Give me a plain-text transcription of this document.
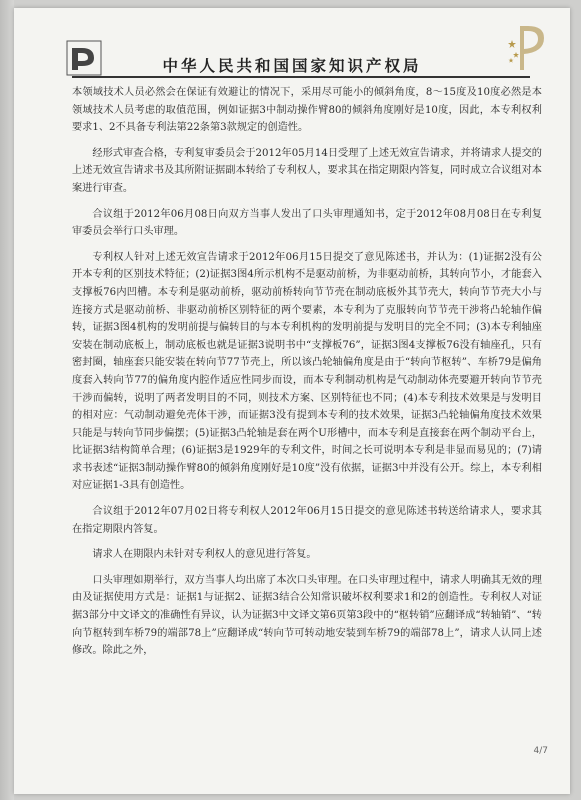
中华人民共和国国家知识产权局

本领域技术人员必然会在保证有效避让的情况下，采用尽可能小的倾斜角度，8～15度及10度必然是本领域技术人员考虑的取值范围，例如证据3中制动操作臂80的倾斜角度刚好是10度，因此，本专利权利要求1、2不具备专利法第22条第3款规定的创造性。

经形式审查合格，专利复审委员会于2012年05月14日受理了上述无效宣告请求，并将请求人提交的上述无效宣告请求书及其所附证据副本转给了专利权人，要求其在指定期限内答复，同时成立合议组对本案进行审查。

合议组于2012年06月08日向双方当事人发出了口头审理通知书，定于2012年08月08日在专利复审委员会举行口头审理。

专利权人针对上述无效宣告请求于2012年06月15日提交了意见陈述书，并认为：(1)证据2没有公开本专利的区别技术特征；(2)证据3图4所示机构不是驱动前桥，为非驱动前桥，其转向节小，才能套入支撑板76内凹槽。本专利是驱动前桥，驱动前桥转向节节壳在制动底板外其节壳大，转向节节壳大小与连接方式是驱动前桥、非驱动前桥区别特征的两个要素，本专利为了克服转向节节壳干涉将凸轮轴作偏转，证据3图4机构的发明前提与偏转目的与本专利机构的发明前提与发明目的完全不同；(3)本专利轴座安装在制动底板上，制动底板也就是证据3说明书中“支撑板76”，证据3图4支撑板76没有轴座孔，只有密封圈，轴座套只能安装在转向节77节壳上，所以该凸轮轴偏角度是由于“转向节枢转”、车桥79是偏角度套入转向节77的偏角度内腔作适应性同步而设，而本专利制动机构是气动制动体壳要避开转向节节壳干涉而偏转，说明了两者发明目的不同，则技术方案、区别特征也不同；(4)本专利技术效果是与发明目的相对应：气动制动避免壳体干涉，而证据3没有提到本专利的技术效果，证据3凸轮轴偏角度技术效果只能是与转向节同步偏摆；(5)证据3凸轮轴是套在两个U形槽中，而本专利是直接套在两个制动平台上，比证据3结构简单合理；(6)证据3是1929年的专利文件，时间之长可说明本专利是非显而易见的；(7)请求书表述“证据3制动操作臂80的倾斜角度刚好是10度”没有依据，证据3中并没有公开。综上，本专利相对应证据1-3具有创造性。

合议组于2012年07月02日将专利权人2012年06月15日提交的意见陈述书转送给请求人，要求其在指定期限内答复。

请求人在期限内未针对专利权人的意见进行答复。

口头审理如期举行，双方当事人均出席了本次口头审理。在口头审理过程中，请求人明确其无效的理由及证据使用方式是：证据1与证据2、证据3结合公知常识破坏权利要求1和2的创造性。专利权人对证据3部分中文译文的准确性有异议，认为证据3中文译文第6页第3段中的“枢转销”应翻译成“转轴销”、“转向节枢转到车桥79的端部78上”应翻译成“转向节可转动地安装到车桥79的端部78上”，请求人认同上述修改。除此之外，

4/7
